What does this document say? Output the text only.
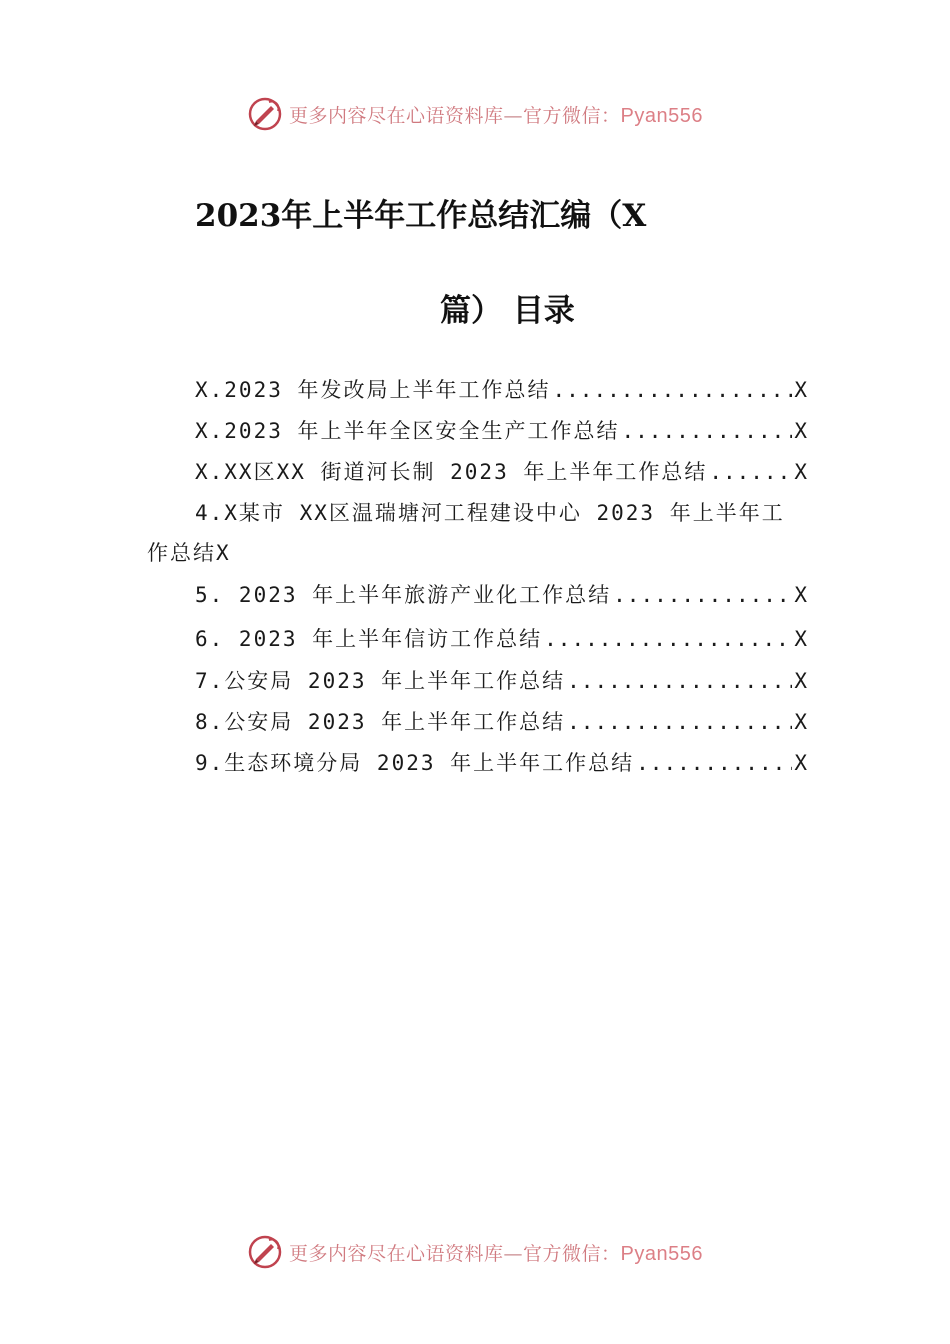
更多内容尽在心语资料库—官方微信：Pyan556
2023年上半年工作总结汇编（X
篇） 目录
X.2023 年发改局上半年工作总结 .....	X
X.2023 年上半年全区安全生产工作总结 .....	X
X.XX区XX 街道河长制 2023 年上半年工作总结 .....	X
4.X某市 XX区温瑞塘河工程建设中心 2023 年上半年工
作总结X
5. 2023 年上半年旅游产业化工作总结 .....	X
6. 2023 年上半年信访工作总结 .....	X
7.公安局 2023 年上半年工作总结 .....	X
8.公安局 2023 年上半年工作总结 .....	X
9.生态环境分局 2023 年上半年工作总结 .....	X
更多内容尽在心语资料库—官方微信：Pyan556
